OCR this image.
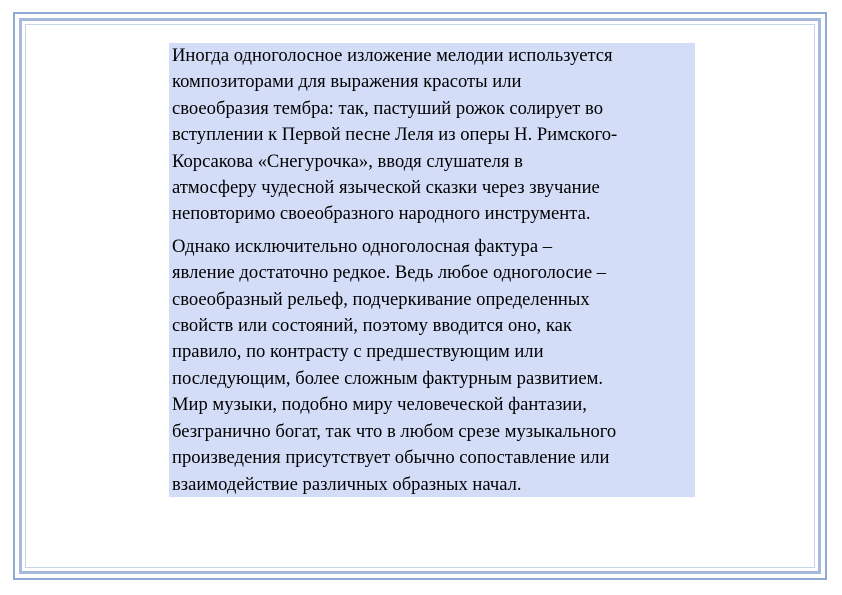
Иногда одноголосное изложение мелодии используется
композиторами для выражения красоты или
своеобразия тембра: так, пастуший рожок солирует во
вступлении к Первой песне Леля из оперы Н. Римского-
Корсакова «Снегурочка», вводя слушателя в
атмосферу чудесной языческой сказки через звучание
неповторимо своеобразного народного инструмента.

Однако исключительно одноголосная фактура –
явление достаточно редкое. Ведь любое одноголосие –
своеобразный рельеф, подчеркивание определенных
свойств или состояний, поэтому вводится оно, как
правило, по контрасту с предшествующим или
последующим, более сложным фактурным развитием.
Мир музыки, подобно миру человеческой фантазии,
безгранично богат, так что в любом срезе музыкального
произведения присутствует обычно сопоставление или
взаимодействие различных образных начал.
